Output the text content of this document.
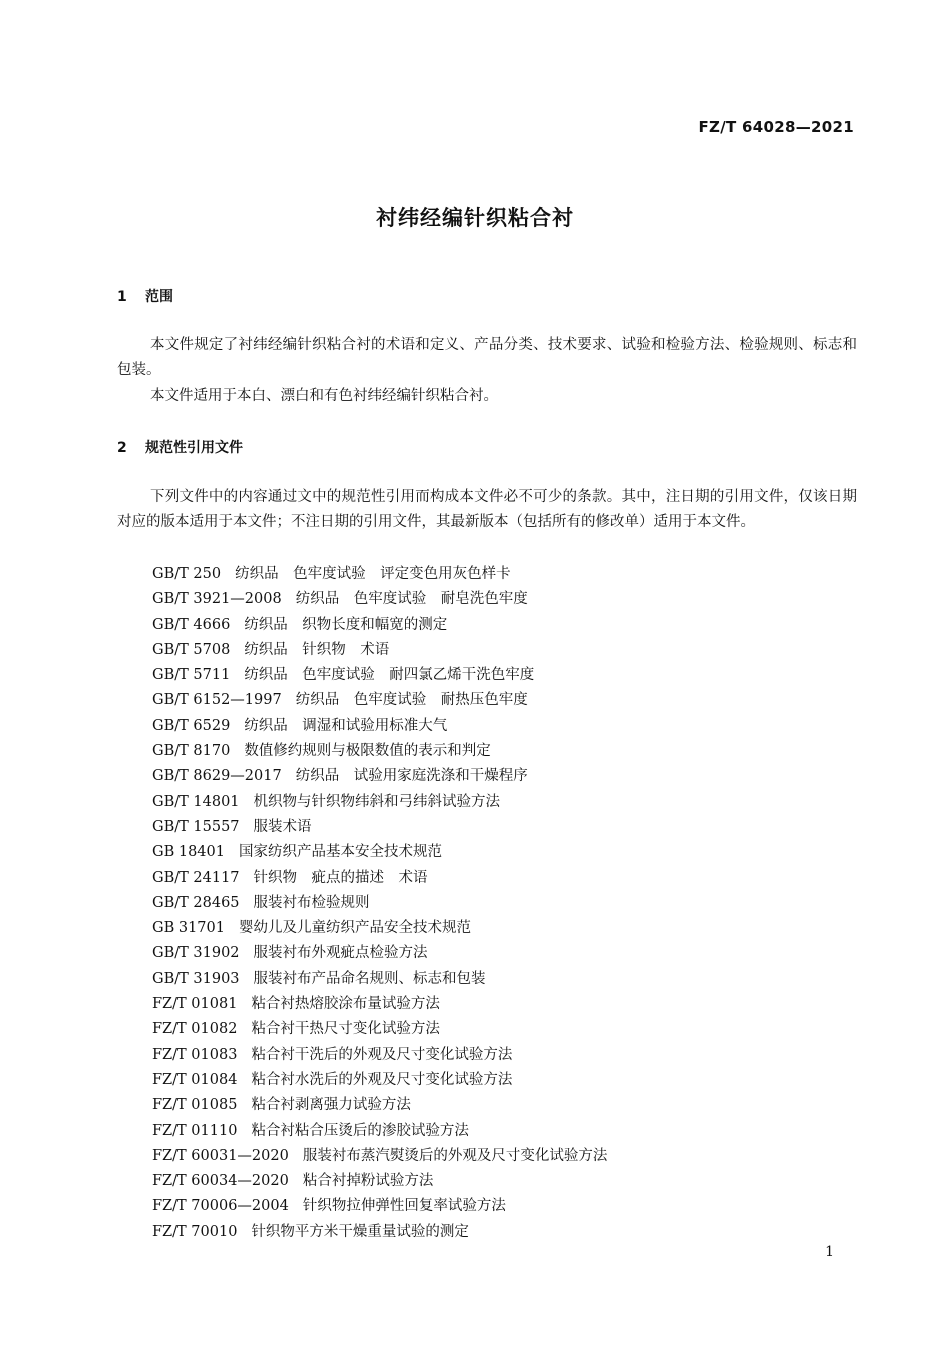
FZ/T 64028—2021
衬纬经编针织粘合衬
1 范围

本文件规定了衬纬经编针织粘合衬的术语和定义、产品分类、技术要求、试验和检验方法、检验规则、标志和包装。

本文件适用于本白、漂白和有色衬纬经编针织粘合衬。

2 规范性引用文件

下列文件中的内容通过文中的规范性引用而构成本文件必不可少的条款。其中，注日期的引用文件，仅该日期对应的版本适用于本文件；不注日期的引用文件，其最新版本（包括所有的修改单）适用于本文件。

GB/T 250 纺织品　色牢度试验　评定变色用灰色样卡
GB/T 3921—2008 纺织品　色牢度试验　耐皂洗色牢度
GB/T 4666 纺织品　织物长度和幅宽的测定
GB/T 5708 纺织品　针织物　术语
GB/T 5711 纺织品　色牢度试验　耐四氯乙烯干洗色牢度
GB/T 6152—1997 纺织品　色牢度试验　耐热压色牢度
GB/T 6529 纺织品　调湿和试验用标准大气
GB/T 8170 数值修约规则与极限数值的表示和判定
GB/T 8629—2017 纺织品　试验用家庭洗涤和干燥程序
GB/T 14801 机织物与针织物纬斜和弓纬斜试验方法
GB/T 15557 服装术语
GB 18401 国家纺织产品基本安全技术规范
GB/T 24117 针织物　疵点的描述　术语
GB/T 28465 服装衬布检验规则
GB 31701 婴幼儿及儿童纺织产品安全技术规范
GB/T 31902 服装衬布外观疵点检验方法
GB/T 31903 服装衬布产品命名规则、标志和包装
FZ/T 01081 粘合衬热熔胶涂布量试验方法
FZ/T 01082 粘合衬干热尺寸变化试验方法
FZ/T 01083 粘合衬干洗后的外观及尺寸变化试验方法
FZ/T 01084 粘合衬水洗后的外观及尺寸变化试验方法
FZ/T 01085 粘合衬剥离强力试验方法
FZ/T 01110 粘合衬粘合压烫后的渗胶试验方法
FZ/T 60031—2020 服装衬布蒸汽熨烫后的外观及尺寸变化试验方法
FZ/T 60034—2020 粘合衬掉粉试验方法
FZ/T 70006—2004 针织物拉伸弹性回复率试验方法
FZ/T 70010 针织物平方米干燥重量试验的测定
1
